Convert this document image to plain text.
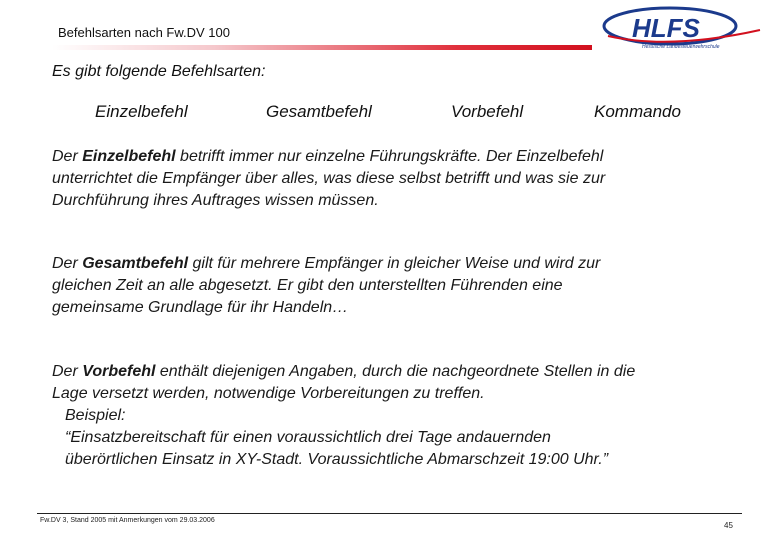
Befehlsarten nach Fw.DV 100	HLFS
Hessische Landesfeuerwehrschule
Es gibt folgende Befehlsarten:
Einzelbefehl	Gesamtbefehl	Vorbefehl	Kommando
Der Einzelbefehl betrifft immer nur einzelne Führungskräfte. Der Einzelbefehl
unterrichtet die Empfänger über alles, was diese selbst betrifft und was sie zur
Durchführung ihres Auftrages wissen müssen.
Der Gesamtbefehl gilt für mehrere Empfänger in gleicher Weise und wird zur
gleichen Zeit an alle abgesetzt. Er gibt den unterstellten Führenden eine
gemeinsame Grundlage für ihr Handeln…
Der Vorbefehl enthält diejenigen Angaben, durch die nachgeordnete Stellen in die
Lage versetzt werden, notwendige Vorbereitungen zu treffen.
Beispiel:
“Einsatzbereitschaft für einen voraussichtlich drei Tage andauernden
überörtlichen Einsatz in XY-Stadt. Voraussichtliche Abmarschzeit 19:00 Uhr.”
Fw.DV 3, Stand 2005 mit Anmerkungen vom 29.03.2006
45
